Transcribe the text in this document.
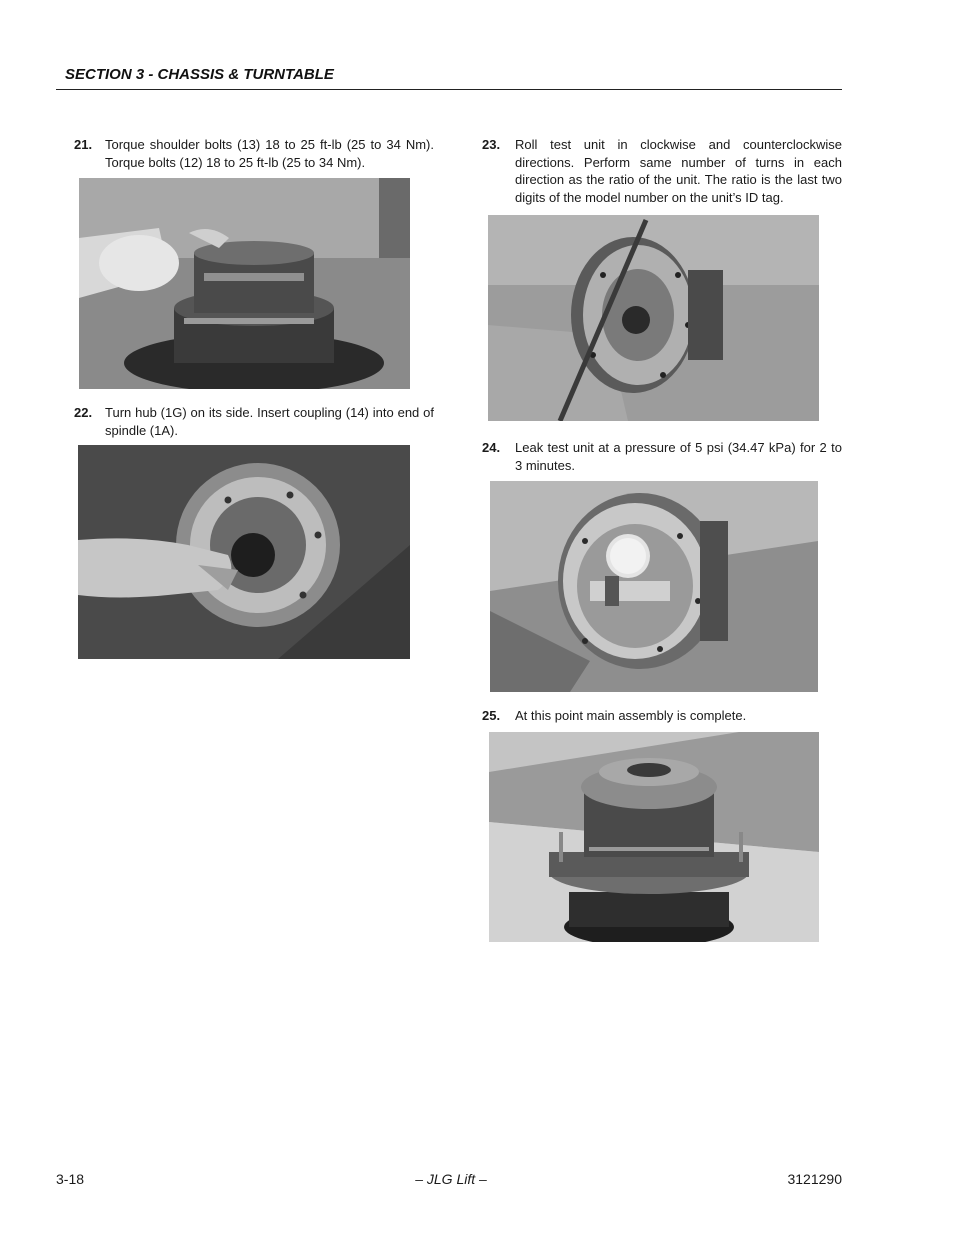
SECTION 3 - CHASSIS & TURNTABLE
21. Torque shoulder bolts (13) 18 to 25 ft-lb (25 to 34 Nm). Torque bolts (12) 18 to 25 ft-lb (25 to 34 Nm).
22. Turn hub (1G) on its side. Insert coupling (14) into end of spindle (1A).
23. Roll test unit in clockwise and counterclockwise directions. Perform same number of turns in each direction as the ratio of the unit. The ratio is the last two digits of the model number on the unit’s ID tag.
24. Leak test unit at a pressure of 5 psi (34.47 kPa) for 2 to 3 minutes.
25. At this point main assembly is complete.
3-18	– JLG Lift –	3121290
